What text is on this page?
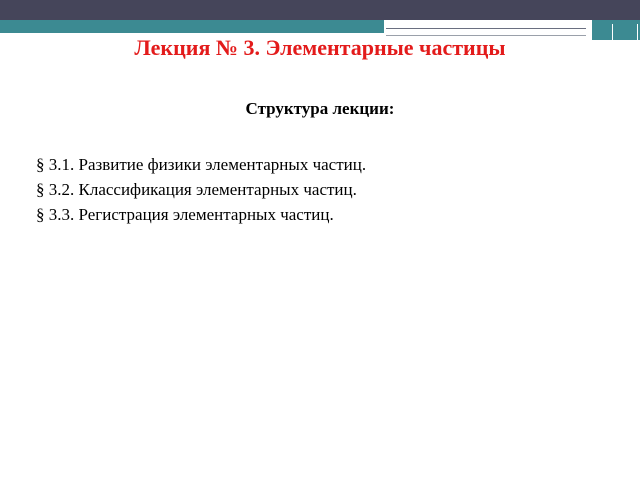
Лекция № 3. Элементарные частицы
Структура лекции:
§ 3.1. Развитие физики элементарных частиц.
§ 3.2. Классификация элементарных частиц.
§ 3.3. Регистрация элементарных частиц.
